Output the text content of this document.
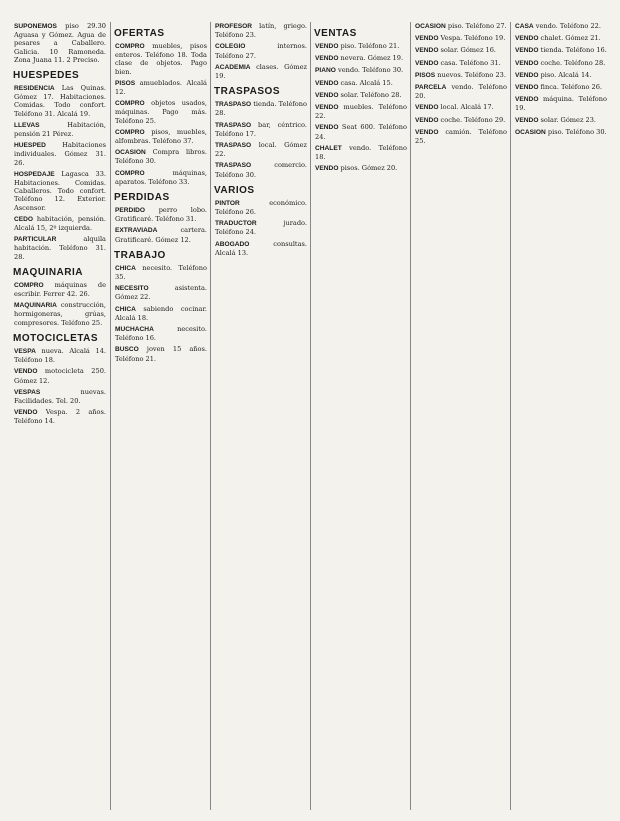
SUPONEMOS piso 29.30 Aguasa y Gómez. Agua de pesares a Caballero. Galicia. 10 Ramoneda. Zona Juana 11. 2 Preciso.
HUESPEDES
RESIDENCIA Las Quinas. Gómez 17. Habitaciones. Comidas. Todo confort. Teléfono 31. Alcalá 19.
LLEVAS Habitación, pensión 21 Pérez.
HUESPED Habitaciones individuales. Gómez 31. 26.
HOSPEDAJE Lagasca 33. Habitaciones. Comidas. Caballeros. Todo confort. Teléfono 12. Exterior. Ascensor.
CEDO habitación, pensión. Alcalá 15, 2º izquierda.
PARTICULAR alquila habitación. Teléfono 31. 28.
MAQUINARIA
COMPRO máquinas de escribir. Ferrer 42. 26.
MAQUINARIA construcción, hormigoneras, grúas, compresores. Teléfono 25.
MOTOCICLETAS
VESPA nueva. Alcalá 14. Teléfono 18.
VENDO motocicleta 250. Gómez 12.
VESPAS nuevas. Facilidades. Tel. 20.
VENDO Vespa. 2 años. Teléfono 14.
OFERTAS
COMPRO muebles, pisos enteros. Teléfono 18. Toda clase de objetos. Pago bien.
PISOS amueblados. Alcalá 12.
COMPRO objetos usados, máquinas. Pago más. Teléfono 25.
COMPRO pisos, muebles, alfombras. Teléfono 37.
OCASION Compra libros. Teléfono 30.
COMPRO máquinas, aparatos. Teléfono 33.
PERDIDAS
PERDIDO perro lobo. Gratificaré. Teléfono 31.
EXTRAVIADA cartera. Gratificaré. Gómez 12.
TRABAJO
CHICA necesito. Teléfono 35.
NECESITO asistenta. Gómez 22.
CHICA sabiendo cocinar. Alcalá 18.
MUCHACHA necesito. Teléfono 16.
BUSCO joven 15 años. Teléfono 21.
PROFESOR latín, griego. Teléfono 23.
COLEGIO internos. Teléfono 27.
ACADEMIA clases. Gómez 19.
TRASPASOS
TRASPASO tienda. Teléfono 28.
TRASPASO bar, céntrico. Teléfono 17.
TRASPASO local. Gómez 22.
TRASPASO comercio. Teléfono 30.
VARIOS
PINTOR económico. Teléfono 26.
TRADUCTOR jurado. Teléfono 24.
ABOGADO consultas. Alcalá 13.
VENTAS
VENDO piso. Teléfono 21.
VENDO nevera. Gómez 19.
PIANO vendo. Teléfono 30.
VENDO casa. Alcalá 15.
VENDO solar. Teléfono 28.
VENDO muebles. Teléfono 22.
VENDO Seat 600. Teléfono 24.
CHALET vendo. Teléfono 18.
VENDO pisos. Gómez 20.
OCASION piso. Teléfono 27.
VENDO Vespa. Teléfono 19.
VENDO solar. Gómez 16.
VENDO casa. Teléfono 31.
PISOS nuevos. Teléfono 23.
PARCELA vendo. Teléfono 20.
VENDO local. Alcalá 17.
VENDO coche. Teléfono 29.
VENDO camión. Teléfono 25.
CASA vendo. Teléfono 22.
VENDO chalet. Gómez 21.
VENDO tienda. Teléfono 16.
VENDO coche. Teléfono 28.
VENDO piso. Alcalá 14.
VENDO finca. Teléfono 26.
VENDO máquina. Teléfono 19.
VENDO solar. Gómez 23.
OCASION piso. Teléfono 30.
